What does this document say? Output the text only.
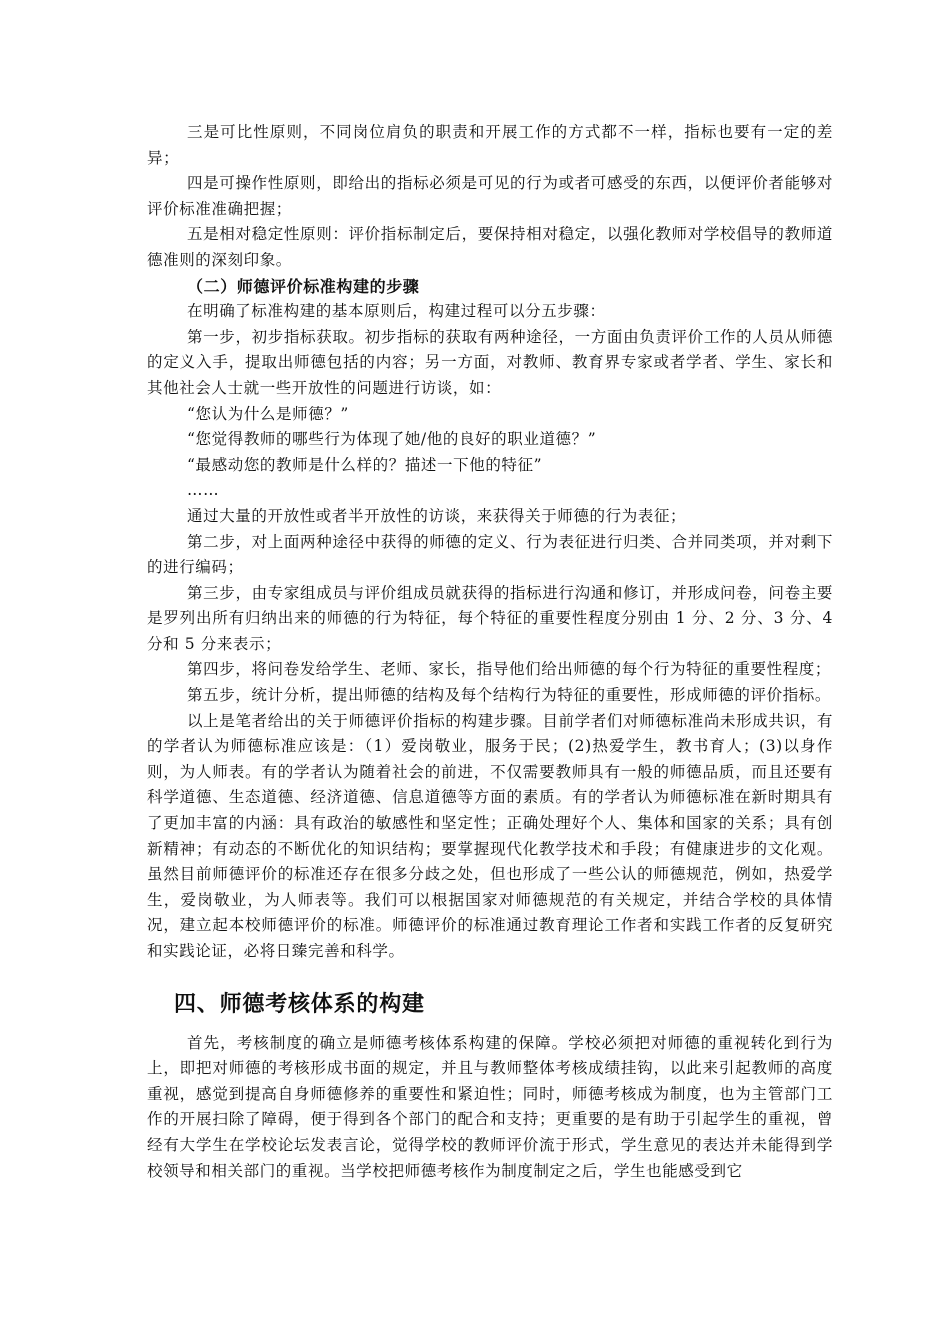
三是可比性原则，不同岗位肩负的职责和开展工作的方式都不一样，指标也要有一定的差异；

四是可操作性原则，即给出的指标必须是可见的行为或者可感受的东西，以便评价者能够对评价标准准确把握；

五是相对稳定性原则：评价指标制定后，要保持相对稳定，以强化教师对学校倡导的教师道德准则的深刻印象。

（二）师德评价标准构建的步骤

在明确了标准构建的基本原则后，构建过程可以分五步骤：

第一步，初步指标获取。初步指标的获取有两种途径，一方面由负责评价工作的人员从师德的定义入手，提取出师德包括的内容；另一方面，对教师、教育界专家或者学者、学生、家长和其他社会人士就一些开放性的问题进行访谈，如：

“您认为什么是师德？”

“您觉得教师的哪些行为体现了她/他的良好的职业道德？”

“最感动您的教师是什么样的？描述一下他的特征”

……

通过大量的开放性或者半开放性的访谈，来获得关于师德的行为表征；

第二步，对上面两种途径中获得的师德的定义、行为表征进行归类、合并同类项，并对剩下的进行编码；

第三步，由专家组成员与评价组成员就获得的指标进行沟通和修订，并形成问卷，问卷主要是罗列出所有归纳出来的师德的行为特征，每个特征的重要性程度分别由 1 分、2 分、3 分、4 分和 5 分来表示；

第四步，将问卷发给学生、老师、家长，指导他们给出师德的每个行为特征的重要性程度；

第五步，统计分析，提出师德的结构及每个结构行为特征的重要性，形成师德的评价指标。

以上是笔者给出的关于师德评价指标的构建步骤。目前学者们对师德标准尚未形成共识，有的学者认为师德标准应该是：（1）爱岗敬业，服务于民；(2)热爱学生，教书育人；(3)以身作则，为人师表。有的学者认为随着社会的前进，不仅需要教师具有一般的师德品质，而且还要有科学道德、生态道德、经济道德、信息道德等方面的素质。有的学者认为师德标准在新时期具有了更加丰富的内涵：具有政治的敏感性和坚定性；正确处理好个人、集体和国家的关系；具有创新精神；有动态的不断优化的知识结构；要掌握现代化教学技术和手段；有健康进步的文化观。虽然目前师德评价的标准还存在很多分歧之处，但也形成了一些公认的师德规范，例如，热爱学生，爱岗敬业，为人师表等。我们可以根据国家对师德规范的有关规定，并结合学校的具体情况，建立起本校师德评价的标准。师德评价的标准通过教育理论工作者和实践工作者的反复研究和实践论证，必将日臻完善和科学。

四、师德考核体系的构建

首先，考核制度的确立是师德考核体系构建的保障。学校必须把对师德的重视转化到行为上，即把对师德的考核形成书面的规定，并且与教师整体考核成绩挂钩，以此来引起教师的高度重视，感觉到提高自身师德修养的重要性和紧迫性；同时，师德考核成为制度，也为主管部门工作的开展扫除了障碍，便于得到各个部门的配合和支持；更重要的是有助于引起学生的重视，曾经有大学生在学校论坛发表言论，觉得学校的教师评价流于形式，学生意见的表达并未能得到学校领导和相关部门的重视。当学校把师德考核作为制度制定之后，学生也能感受到它
